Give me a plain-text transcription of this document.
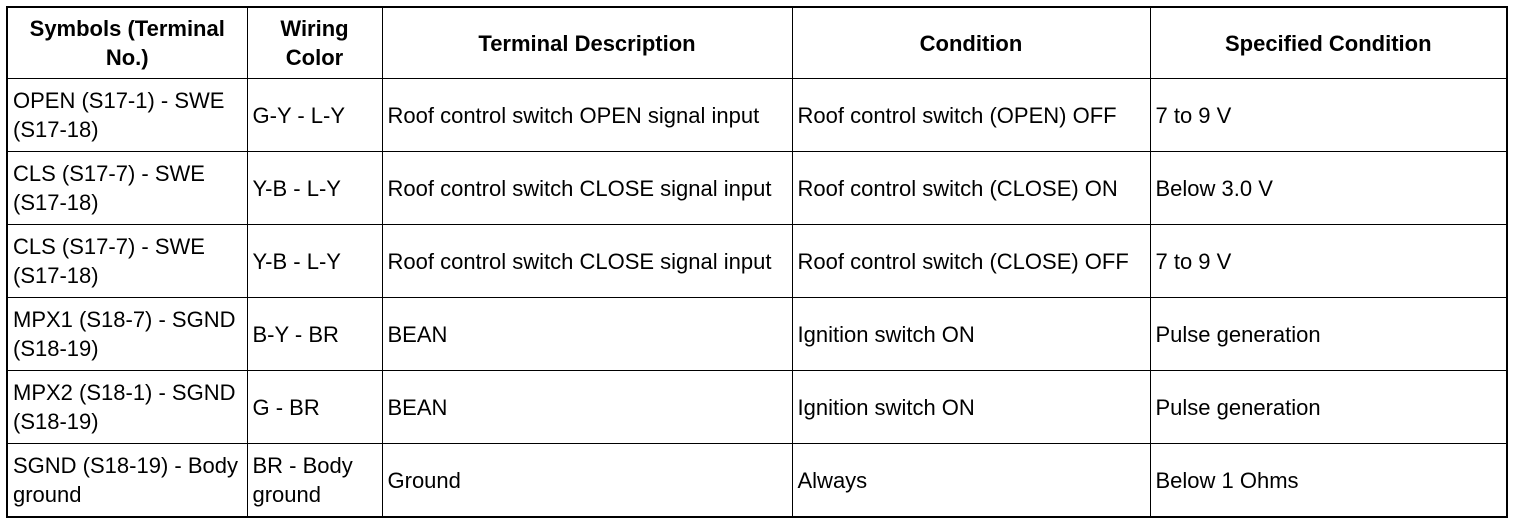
Symbols (Terminal No.)	Wiring Color	Terminal Description	Condition	Specified Condition
OPEN (S17-1) - SWE (S17-18)	G-Y - L-Y	Roof control switch OPEN signal input	Roof control switch (OPEN) OFF	7 to 9 V
CLS (S17-7) - SWE (S17-18)	Y-B - L-Y	Roof control switch CLOSE signal input	Roof control switch (CLOSE) ON	Below 3.0 V
CLS (S17-7) - SWE (S17-18)	Y-B - L-Y	Roof control switch CLOSE signal input	Roof control switch (CLOSE) OFF	7 to 9 V
MPX1 (S18-7) - SGND (S18-19)	B-Y - BR	BEAN	Ignition switch ON	Pulse generation
MPX2 (S18-1) - SGND (S18-19)	G - BR	BEAN	Ignition switch ON	Pulse generation
SGND (S18-19) - Body ground	BR - Body ground	Ground	Always	Below 1 Ohms
